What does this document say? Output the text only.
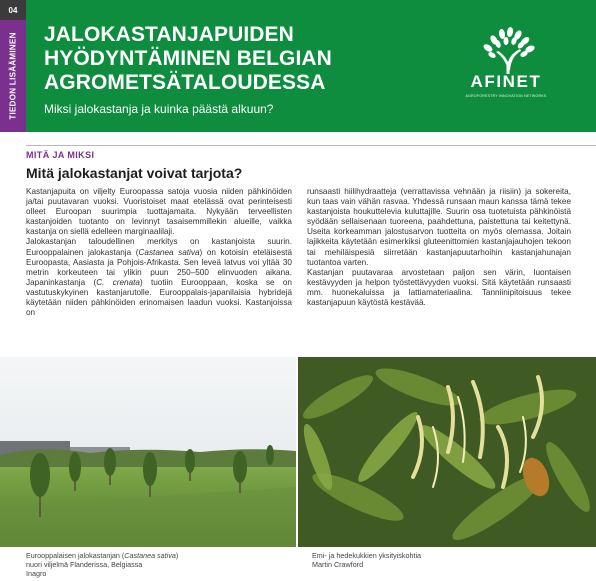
04
TIEDON LISÄÄMINEN JALOKASTANJAPUIDEN
HYÖDYNTÄMINEN BELGIAN
AGROMETSÄTALOUDESSA
Miksi jalokastanja ja kuinka päästä alkuun?
AFINET
AGROFORESTRY INNOVATION NETWORKS
MITÄ JA MIKSI
Mitä jalokastanjat voivat tarjota?

Kastanjapuita on viljelty Euroopassa satoja vuosia niiden pähkinöiden ja/tai puutavaran vuoksi. Vuoristoiset maat etelässä ovat perinteisesti olleet Euroopan suurimpia tuottajamaita. Nykyään terveellisten kastanjoiden tuotanto on levinnyt tasaisemmillekin alueille, vaikka kastanja on siellä edelleen marginaalilaji.

Jalokastanjan taloudellinen merkitys on kastanjoista suurin. Eurooppalainen jalokastanja (Castanea sativa) on kotoisin eteläisestä Euroopasta, Aasiasta ja Pohjois-Afrikasta. Sen leveä latvus voi yltää 30 metrin korkeuteen tai ylikin puun 250–500 elinvuoden aikana. Japaninkastanja (C. crenata) tuotiin Eurooppaan, koska se on vastutuskykyinen kastanjarutolle. Eurooppalais-japanilaisia hybridejä käytetään niiden pähkinöiden erinomaisen laadun vuoksi. Kastanjoissa on

runsaasti hiilihydraatteja (verrattavissa vehnään ja riisiin) ja sokereita, kun taas vain vähän rasvaa. Yhdessä runsaan maun kanssa tämä tekee kastanjoista houkuttelevia kuluttajille. Suurin osa tuotetuista pähkinöistä syödään sellaisenaan tuoreena, paahdettuna, paistettuna tai keitettynä. Useita korkeamman jalostusarvon tuotteita on myös olemassa. Joitain lajikkeita käytetään esimerkiksi gluteenittomien kastanjajauhojen tekoon tai mehiläispesiä siirretään kastanjapuutarhoihin kastanjahunajan tuotantoa varten.

Kastanjan puutavaraa arvostetaan paljon sen värin, luontaisen kestävyyden ja helpon työstettävyyden vuoksi. Sitä käytetään runsaasti mm. huonekaluissa ja lattiamateriaalina. Tanniinipitoisuus tekee kastanjapuun käytöstä kestävää.

Eurooppalaisen jalokastanjan (Castanea sativa)
nuori viljelmä Flanderissa, Belgiassa
Inagro
Emi- ja hedekukkien yksityiskohtia
Martin Crawford
